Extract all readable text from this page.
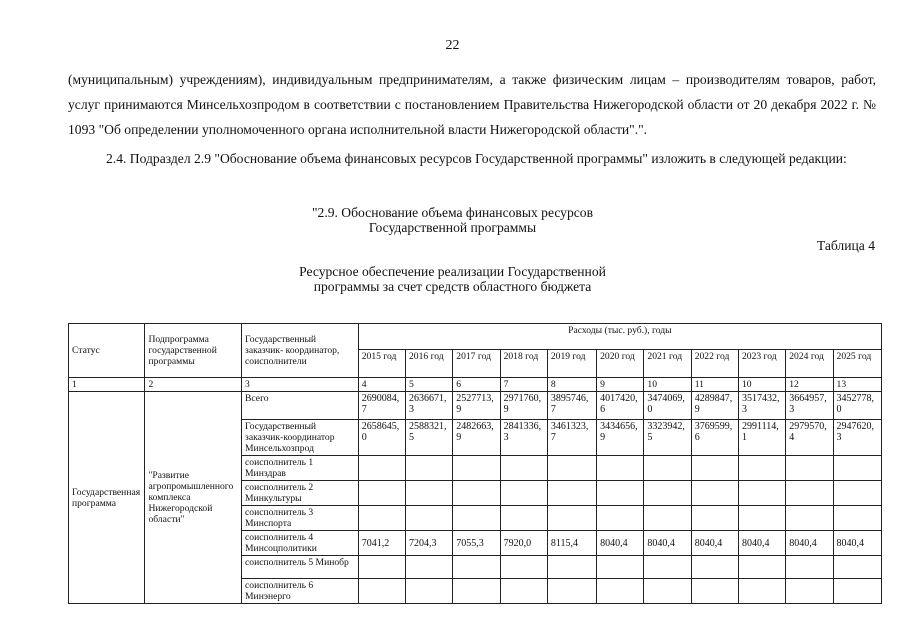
22
(муниципальным) учреждениям), индивидуальным предпринимателям, а также физическим лицам – производителям товаров, работ, услуг принимаются Минсельхозпродом в соответствии с постановлением Правительства Нижегородской области от 20 декабря 2022 г. № 1093 "Об определении уполномоченного органа исполнительной власти Нижегородской области".".
2.4. Подраздел 2.9 "Обоснование объема финансовых ресурсов Государственной программы" изложить в следующей редакции:
"2.9. Обоснование объема финансовых ресурсов
Государственной программы
Таблица 4
Ресурсное обеспечение реализации Государственной
программы за счет средств областного бюджета
Статус	Подпрограмма государственной программы	Государственный заказчик- координатор, соисполнители	Расходы (тыс. руб.), годы										
			2015 год	2016 год	2017 год	2018 год	2019 год	2020 год	2021 год	2022 год	2023 год	2024 год	2025 год
1	2	3	4	5	6	7	8	9	10	11	10	12	13
Государственная программа	"Развитие агропромышленного комплекса Нижегородской области"	Всего	2690084,7	2636671,3	2527713,9	2971760,9	3895746,7	4017420,6	3474069,0	4289847,9	3517432,3	3664957,3	3452778,0
		Государственный заказчик-координатор Минсельхозпрод	2658645,0	2588321,5	2482663,9	2841336,3	3461323,7	3434656,9	3323942,5	3769599,6	2991114,1	2979570,4	2947620,3
		соисполнитель 1 Минздрав											
		соисполнитель 2 Минкультуры											
		соисполнитель 3 Минспорта											
		соисполнитель 4 Минсоцполитики	7041,2	7204,3	7055,3	7920,0	8115,4	8040,4	8040,4	8040,4	8040,4	8040,4	8040,4
		соисполнитель 5 Минобр											
		соисполнитель 6 Минэнерго											
